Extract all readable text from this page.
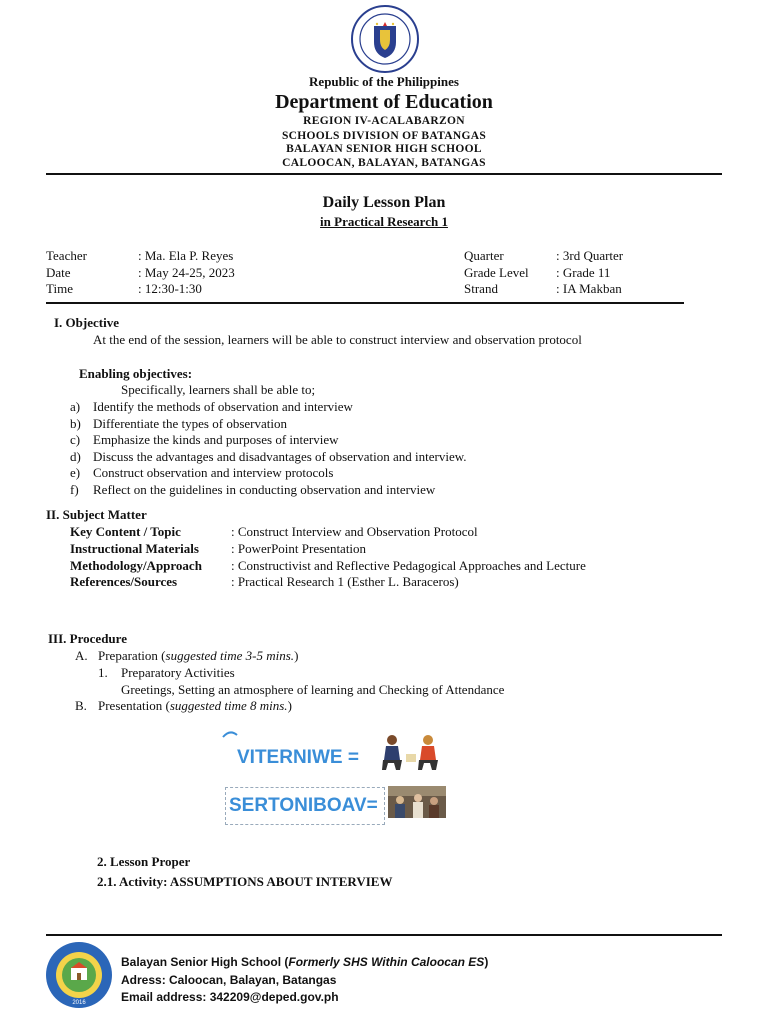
Republic of the Philippines
Department of Education
REGION IV-ACALABARZON
SCHOOLS DIVISION OF BATANGAS
BALAYAN SENIOR HIGH SCHOOL
CALOOCAN, BALAYAN, BATANGAS
Daily Lesson Plan
in Practical Research 1
Teacher
Date
Time
: Ma. Ela P. Reyes
: May 24-25, 2023
: 12:30-1:30
Quarter
Grade Level
Strand
: 3rd Quarter
: Grade 11
: IA Makban
I. Objective
At the end of the session, learners will be able to construct interview and observation protocol
Enabling objectives:
Specifically, learners shall be able to;
a)
b)
c)
d)
e)
f)
Identify the methods of observation and interview
Differentiate the types of observation
Emphasize the kinds and purposes of interview
Discuss the advantages and disadvantages of observation and interview.
Construct observation and interview protocols
Reflect on the guidelines in conducting observation and interview
II. Subject Matter
Key Content / Topic
Instructional Materials
Methodology/Approach
References/Sources
: Construct Interview and Observation Protocol
: PowerPoint Presentation
: Constructivist and Reflective Pedagogical Approaches and Lecture
: Practical Research 1 (Esther L. Baraceros)
III. Procedure
A. Preparation (suggested time 3-5 mins.)
1. Preparatory Activities
Greetings, Setting an atmosphere of learning and Checking of Attendance
B. Presentation (suggested time 8 mins.)
VITERNIWE =
SERTONIBOAV=
2. Lesson Proper
2.1. Activity: ASSUMPTIONS ABOUT INTERVIEW
2016
Balayan Senior High School (Formerly SHS Within Caloocan ES)
Adress: Caloocan, Balayan, Batangas
Email address: 342209@deped.gov.ph
